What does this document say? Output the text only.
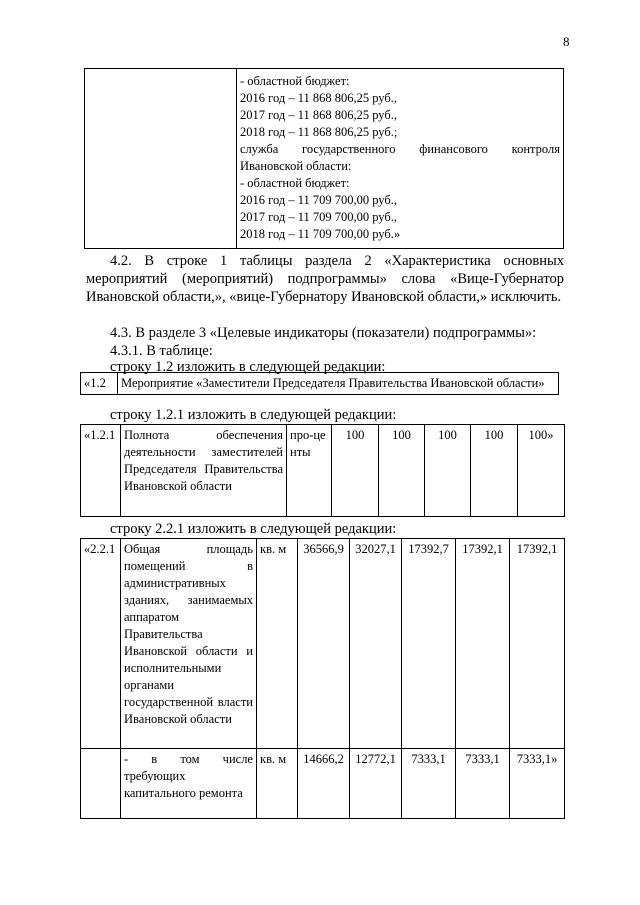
8

- областной бюджет:
2016 год – 11 868 806,25 руб.,
2017 год – 11 868 806,25 руб.,
2018 год – 11 868 806,25 руб.;
служба государственного финансового контроля
Ивановской области:
- областной бюджет:
2016 год – 11 709 700,00 руб.,
2017 год – 11 709 700,00 руб.,
2018 год – 11 709 700,00 руб.»
4.2. В строке 1 таблицы раздела 2 «Характеристика основных мероприятий (мероприятий) подпрограммы» слова «Вице-Губернатор Ивановской области,», «вице-Губернатору Ивановской области,» исключить.
4.3. В разделе 3 «Целевые индикаторы (показатели) подпрограммы»:
4.3.1. В таблице:
строку 1.2 изложить в следующей редакции:
«1.2	Мероприятие «Заместители Председателя Правительства Ивановской области»
строку 1.2.1 изложить в следующей редакции:
«1.2.1	Полнота обеспечения деятельности заместителей Председателя Правительства Ивановской области	про-центы	100	100	100	100	100»
строку 2.2.1 изложить в следующей редакции:
«2.2.1	Общая площадь помещений в административных зданиях, занимаемых аппаратом Правительства Ивановской области и исполнительными органами государственной власти Ивановской области	кв. м	36566,9	32027,1	17392,7	17392,1	17392,1
	- в том числе требующих капитального ремонта	кв. м	14666,2	12772,1	7333,1	7333,1	7333,1»
